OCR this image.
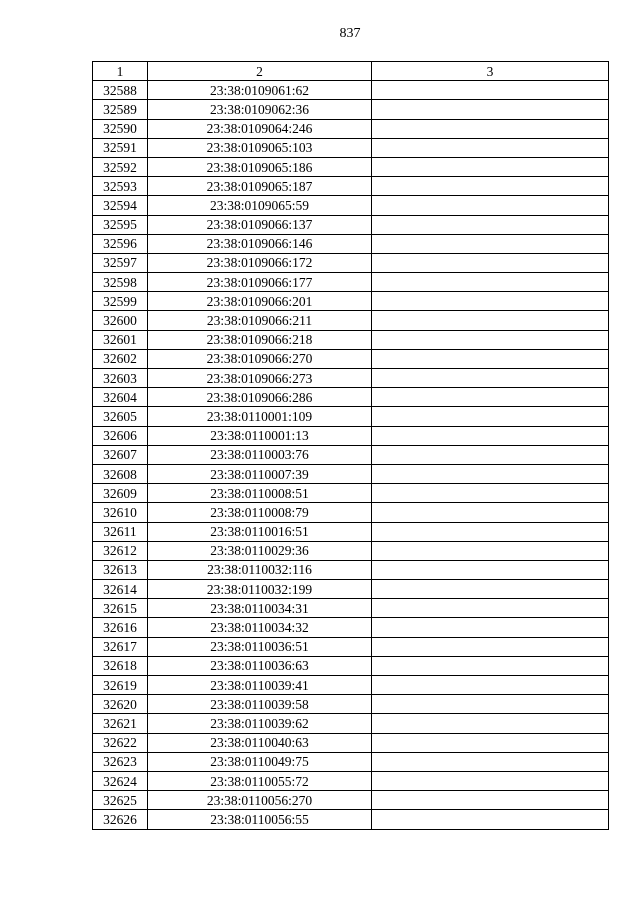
837
1	2	3
32588	23:38:0109061:62	
32589	23:38:0109062:36	
32590	23:38:0109064:246	
32591	23:38:0109065:103	
32592	23:38:0109065:186	
32593	23:38:0109065:187	
32594	23:38:0109065:59	
32595	23:38:0109066:137	
32596	23:38:0109066:146	
32597	23:38:0109066:172	
32598	23:38:0109066:177	
32599	23:38:0109066:201	
32600	23:38:0109066:211	
32601	23:38:0109066:218	
32602	23:38:0109066:270	
32603	23:38:0109066:273	
32604	23:38:0109066:286	
32605	23:38:0110001:109	
32606	23:38:0110001:13	
32607	23:38:0110003:76	
32608	23:38:0110007:39	
32609	23:38:0110008:51	
32610	23:38:0110008:79	
32611	23:38:0110016:51	
32612	23:38:0110029:36	
32613	23:38:0110032:116	
32614	23:38:0110032:199	
32615	23:38:0110034:31	
32616	23:38:0110034:32	
32617	23:38:0110036:51	
32618	23:38:0110036:63	
32619	23:38:0110039:41	
32620	23:38:0110039:58	
32621	23:38:0110039:62	
32622	23:38:0110040:63	
32623	23:38:0110049:75	
32624	23:38:0110055:72	
32625	23:38:0110056:270	
32626	23:38:0110056:55	
